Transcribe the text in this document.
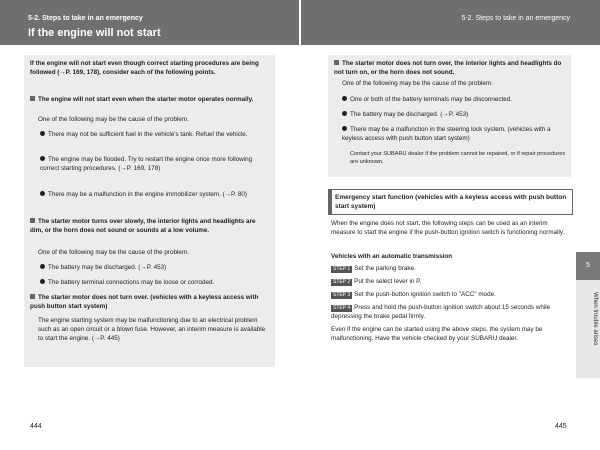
5-2. Steps to take in an emergency
If the engine will not start
5-2. Steps to take in an emergency
If the engine will not start even though correct starting procedures are being followed (→P. 169, 178), consider each of the following points.
The engine will not start even when the starter motor operates normally.
One of the following may be the cause of the problem.
There may not be sufficient fuel in the vehicle's tank. Refuel the vehicle.
The engine may be flooded. Try to restart the engine once more following correct starting procedures. (→P. 169, 178)
There may be a malfunction in the engine immobilizer system. (→P. 80)
The starter motor turns over slowly, the interior lights and headlights are dim, or the horn does not sound or sounds at a low volume.
One of the following may be the cause of the problem.
The battery may be discharged. (→P. 453)
The battery terminal connections may be loose or corroded.
The starter motor does not turn over. (vehicles with a keyless access with push button start system)
The engine starting system may be malfunctioning due to an electrical problem such as an open circuit or a blown fuse. However, an interim measure is available to start the engine. (→P. 445)
444
The starter motor does not turn over, the interior lights and headlights do not turn on, or the horn does not sound.
One of the following may be the cause of the problem.
One or both of the battery terminals may be disconnected.
The battery may be discharged. (→P. 453)
There may be a malfunction in the steering lock system. (vehicles with a keyless access with push button start system)
Contact your SUBARU dealer if the problem cannot be repaired, or if repair procedures are unknown.
Emergency start function (vehicles with a keyless access with push button start system)
When the engine does not start, the following steps can be used as an interim measure to start the engine if the push-button ignition switch is functioning normally:
Vehicles with an automatic transmission
STEP 1 Set the parking brake.
STEP 2 Put the select lever in P.
STEP 3 Set the push-button ignition switch to "ACC" mode.
STEP 4 Press and hold the push-button ignition switch about 15 seconds while depressing the brake pedal firmly.
Even if the engine can be started using the above steps, the system may be malfunctioning. Have the vehicle checked by your SUBARU dealer.
5
When trouble arises
445
